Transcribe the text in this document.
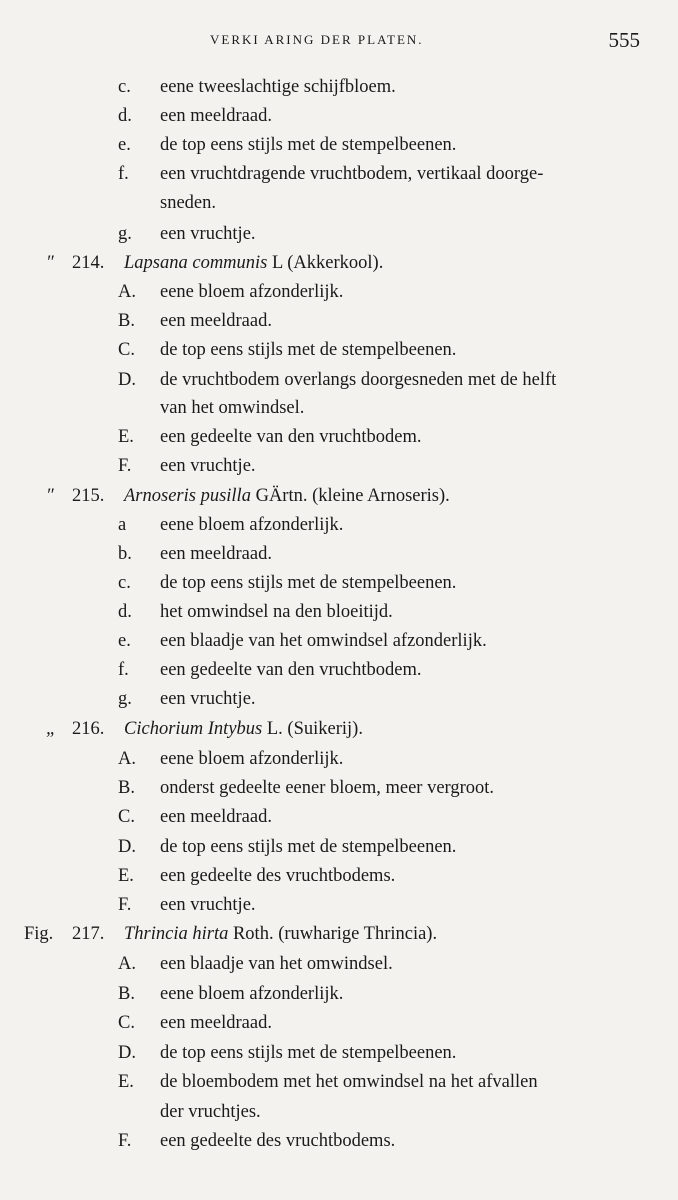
VERKI ARING DER PLATEN.	555
c.	eene tweeslachtige schijfbloem.
d.	een meeldraad.
e.	de top eens stijls met de stempelbeenen.
f.	een vruchtdragende vruchtbodem, vertikaal doorge-
sneden.
g.	een vruchtje.
″ 214. Lapsana communis L (Akkerkool).
A.	eene bloem afzonderlijk.
B.	een meeldraad.
C.	de top eens stijls met de stempelbeenen.
D.	de vruchtbodem overlangs doorgesneden met de helft
van het omwindsel.
E.	een gedeelte van den vruchtbodem.
F.	een vruchtje.
″ 215. Arnoseris pusilla GÄrtn. (kleine Arnoseris).
a	eene bloem afzonderlijk.
b.	een meeldraad.
c.	de top eens stijls met de stempelbeenen.
d.	het omwindsel na den bloeitijd.
e.	een blaadje van het omwindsel afzonderlijk.
f.	een gedeelte van den vruchtbodem.
g.	een vruchtje.
„ 216. Cichorium Intybus L. (Suikerij).
A.	eene bloem afzonderlijk.
B.	onderst gedeelte eener bloem, meer vergroot.
C.	een meeldraad.
D.	de top eens stijls met de stempelbeenen.
E.	een gedeelte des vruchtbodems.
F.	een vruchtje.
Fig. 217. Thrincia hirta Roth. (ruwharige Thrincia).
A.	een blaadje van het omwindsel.
B.	eene bloem afzonderlijk.
C.	een meeldraad.
D.	de top eens stijls met de stempelbeenen.
E.	de bloembodem met het omwindsel na het afvallen
der vruchtjes.
F.	een gedeelte des vruchtbodems.
